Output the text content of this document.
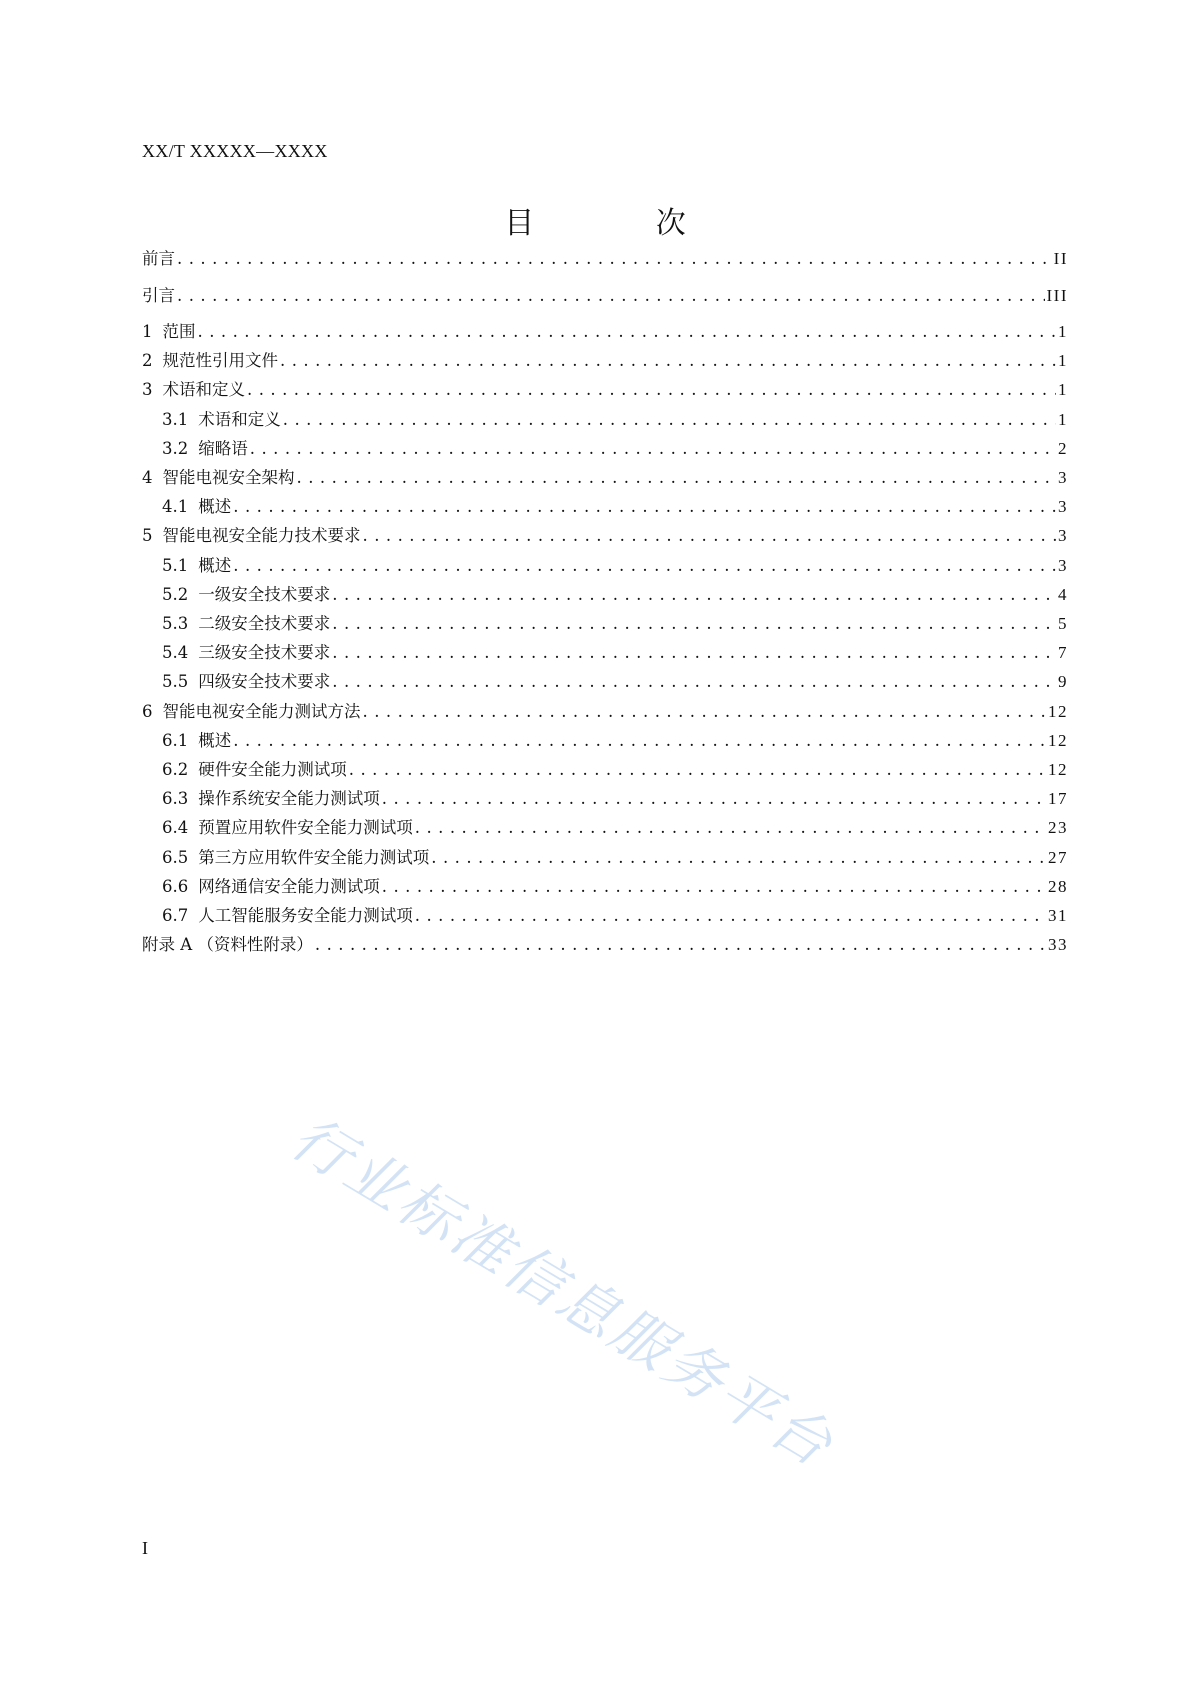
XX/T XXXXX—XXXX
目 次
前言 . . .	II
引言 . . .	III
1 范围 . . .	1
2 规范性引用文件 . . .	1
3 术语和定义 . . .	1
3.1 术语和定义 . . .	1
3.2 缩略语 . . .	2
4 智能电视安全架构 . . .	3
4.1 概述 . . .	3
5 智能电视安全能力技术要求 . . .	3
5.1 概述 . . .	3
5.2 一级安全技术要求 . . .	4
5.3 二级安全技术要求 . . .	5
5.4 三级安全技术要求 . . .	7
5.5 四级安全技术要求 . . .	9
6 智能电视安全能力测试方法 . . .	12
6.1 概述 . . .	12
6.2 硬件安全能力测试项 . . .	12
6.3 操作系统安全能力测试项 . . .	17
6.4 预置应用软件安全能力测试项 . . .	23
6.5 第三方应用软件安全能力测试项 . . .	27
6.6 网络通信安全能力测试项 . . .	28
6.7 人工智能服务安全能力测试项 . . .	31
附录 A （资料性附录） . . .	33
I
行业标准信息服务平台
